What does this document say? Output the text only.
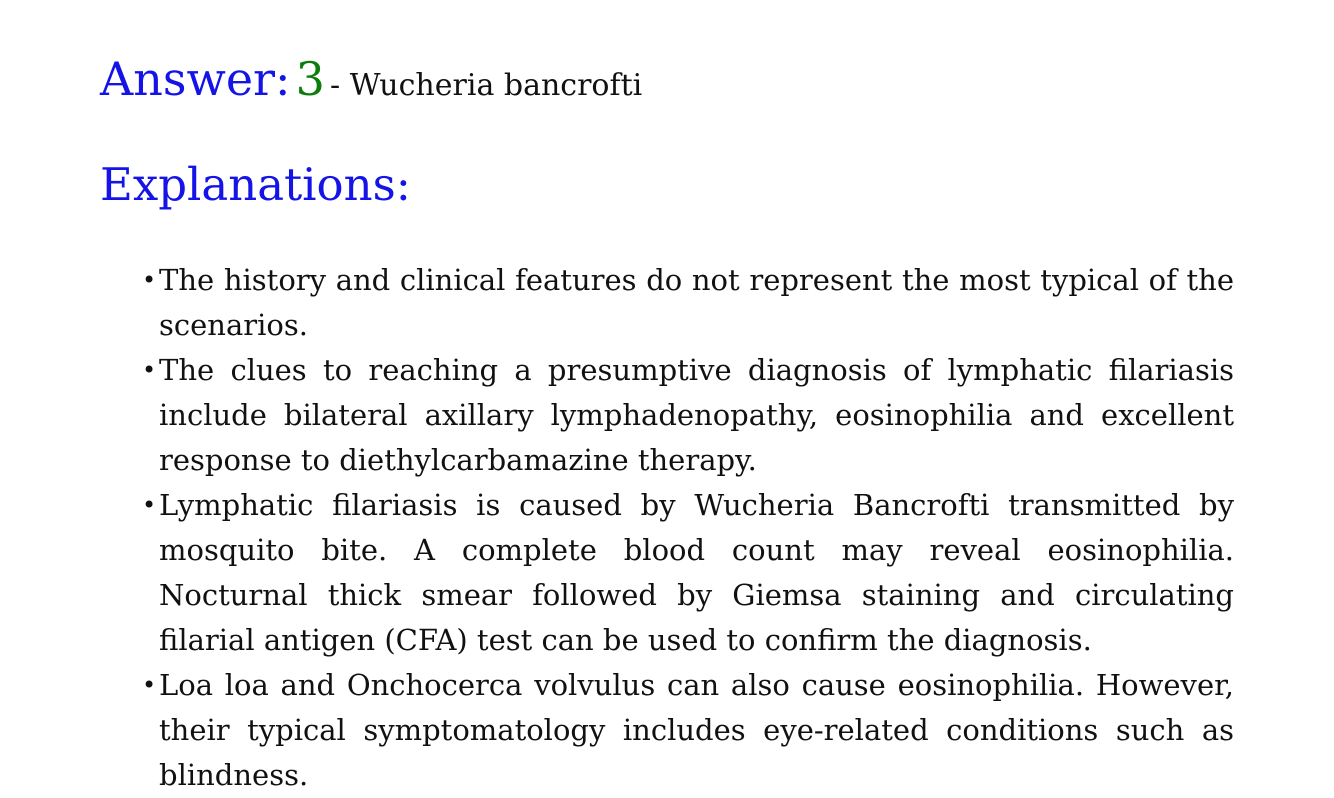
Answer: 3 - Wucheria bancrofti
Explanations:
• The history and clinical features do not represent the most typical of the scenarios.
• The clues to reaching a presumptive diagnosis of lymphatic filariasis include bilateral axillary lymphadenopathy, eosinophilia and excellent response to diethylcarbamazine therapy.
• Lymphatic filariasis is caused by Wucheria Bancrofti transmitted by mosquito bite. A complete blood count may reveal eosinophilia. Nocturnal thick smear followed by Giemsa staining and circulating filarial antigen (CFA) test can be used to confirm the diagnosis.
• Loa loa and Onchocerca volvulus can also cause eosinophilia. However, their typical symptomatology includes eye-related conditions such as blindness.
